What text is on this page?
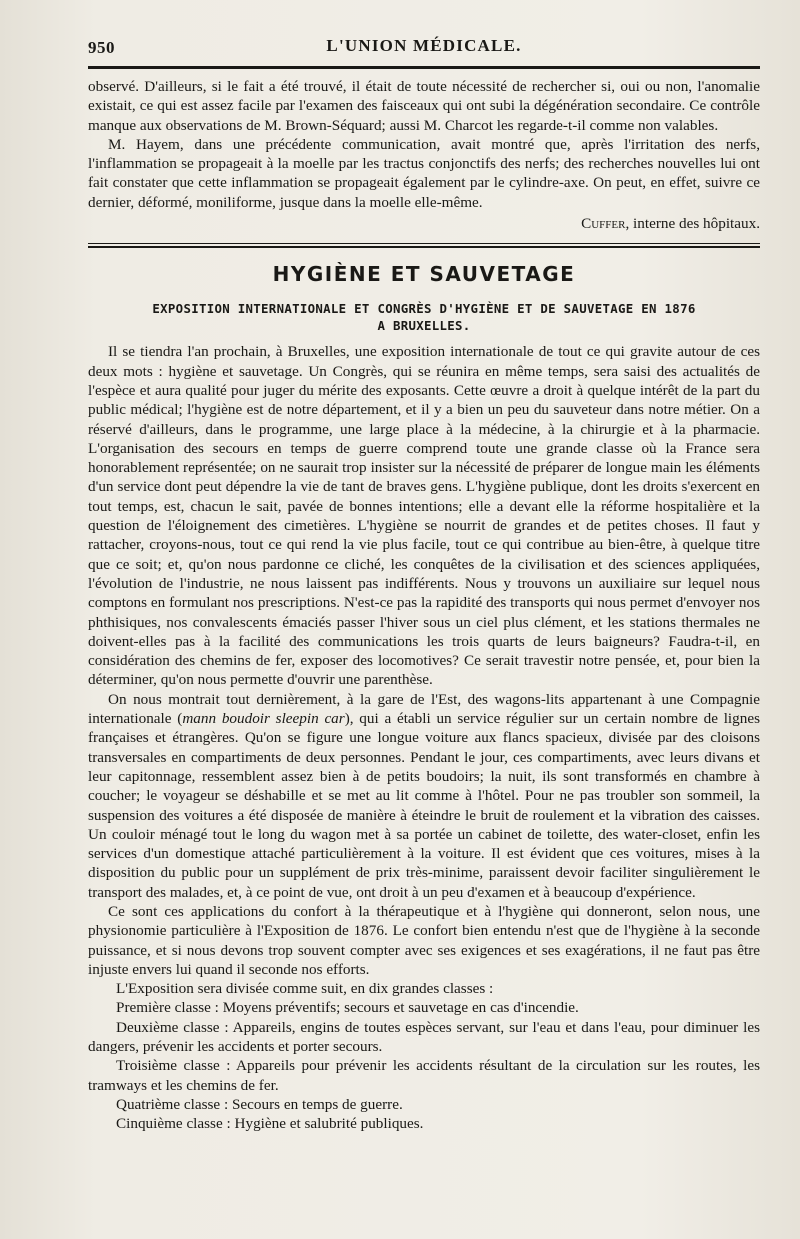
950	L'UNION MÉDICALE.

observé. D'ailleurs, si le fait a été trouvé, il était de toute nécessité de rechercher si, oui ou non, l'anomalie existait, ce qui est assez facile par l'examen des faisceaux qui ont subi la dégénération secondaire. Ce contrôle manque aux observations de M. Brown-Séquard; aussi M. Charcot les regarde-t-il comme non valables.

M. Hayem, dans une précédente communication, avait montré que, après l'irritation des nerfs, l'inflammation se propageait à la moelle par les tractus conjonctifs des nerfs; des recherches nouvelles lui ont fait constater que cette inflammation se propageait également par le cylindre-axe. On peut, en effet, suivre ce dernier, déformé, moniliforme, jusque dans la moelle elle-même.

Cuffer, interne des hôpitaux.
HYGIÈNE ET SAUVETAGE
EXPOSITION INTERNATIONALE ET CONGRÈS D'HYGIÈNE ET DE SAUVETAGE EN 1876
A BRUXELLES.

Il se tiendra l'an prochain, à Bruxelles, une exposition internationale de tout ce qui gravite autour de ces deux mots : hygiène et sauvetage. Un Congrès, qui se réunira en même temps, sera saisi des actualités de l'espèce et aura qualité pour juger du mérite des exposants. Cette œuvre a droit à quelque intérêt de la part du public médical; l'hygiène est de notre département, et il y a bien un peu du sauveteur dans notre métier. On a réservé d'ailleurs, dans le programme, une large place à la médecine, à la chirurgie et à la pharmacie. L'organisation des secours en temps de guerre comprend toute une grande classe où la France sera honorablement représentée; on ne saurait trop insister sur la nécessité de préparer de longue main les éléments d'un service dont peut dépendre la vie de tant de braves gens. L'hygiène publique, dont les droits s'exercent en tout temps, est, chacun le sait, pavée de bonnes intentions; elle a devant elle la réforme hospitalière et la question de l'éloignement des cimetières. L'hygiène se nourrit de grandes et de petites choses. Il faut y rattacher, croyons-nous, tout ce qui rend la vie plus facile, tout ce qui contribue au bien-être, à quelque titre que ce soit; et, qu'on nous pardonne ce cliché, les conquêtes de la civilisation et des sciences appliquées, l'évolution de l'industrie, ne nous laissent pas indifférents. Nous y trouvons un auxiliaire sur lequel nous comptons en formulant nos prescriptions. N'est-ce pas la rapidité des transports qui nous permet d'envoyer nos phthisiques, nos convalescents émaciés passer l'hiver sous un ciel plus clément, et les stations thermales ne doivent-elles pas à la facilité des communications les trois quarts de leurs baigneurs? Faudra-t-il, en considération des chemins de fer, exposer des locomotives? Ce serait travestir notre pensée, et, pour bien la déterminer, qu'on nous permette d'ouvrir une parenthèse.

On nous montrait tout dernièrement, à la gare de l'Est, des wagons-lits appartenant à une Compagnie internationale (mann boudoir sleepin car), qui a établi un service régulier sur un certain nombre de lignes françaises et étrangères. Qu'on se figure une longue voiture aux flancs spacieux, divisée par des cloisons transversales en compartiments de deux personnes. Pendant le jour, ces compartiments, avec leurs divans et leur capitonnage, ressemblent assez bien à de petits boudoirs; la nuit, ils sont transformés en chambre à coucher; le voyageur se déshabille et se met au lit comme à l'hôtel. Pour ne pas troubler son sommeil, la suspension des voitures a été disposée de manière à éteindre le bruit de roulement et la vibration des caisses. Un couloir ménagé tout le long du wagon met à sa portée un cabinet de toilette, des water-closet, enfin les services d'un domestique attaché particulièrement à la voiture. Il est évident que ces voitures, mises à la disposition du public pour un supplément de prix très-minime, paraissent devoir faciliter singulièrement le transport des malades, et, à ce point de vue, ont droit à un peu d'examen et à beaucoup d'expérience.

Ce sont ces applications du confort à la thérapeutique et à l'hygiène qui donneront, selon nous, une physionomie particulière à l'Exposition de 1876. Le confort bien entendu n'est que de l'hygiène à la seconde puissance, et si nous devons trop souvent compter avec ses exigences et ses exagérations, il ne faut pas être injuste envers lui quand il seconde nos efforts.

L'Exposition sera divisée comme suit, en dix grandes classes :

Première classe : Moyens préventifs; secours et sauvetage en cas d'incendie.

Deuxième classe : Appareils, engins de toutes espèces servant, sur l'eau et dans l'eau, pour diminuer les dangers, prévenir les accidents et porter secours.

Troisième classe : Appareils pour prévenir les accidents résultant de la circulation sur les routes, les tramways et les chemins de fer.

Quatrième classe : Secours en temps de guerre.

Cinquième classe : Hygiène et salubrité publiques.
